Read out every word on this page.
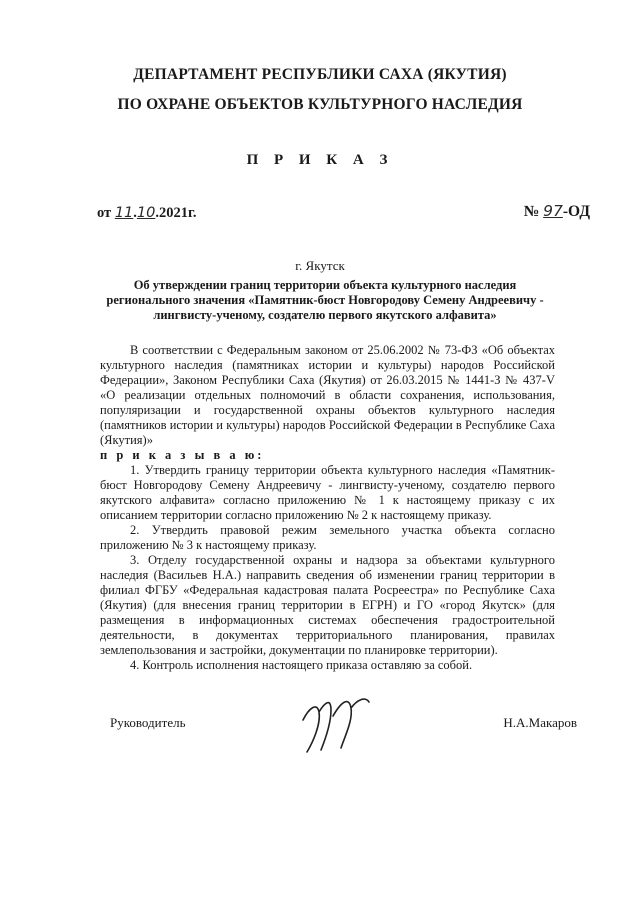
ДЕПАРТАМЕНТ РЕСПУБЛИКИ САХА (ЯКУТИЯ)
ПО ОХРАНЕ ОБЪЕКТОВ КУЛЬТУРНОГО НАСЛЕДИЯ
П Р И К А З
от 11.10.2021г.	№ 97-ОД
г. Якутск
Об утверждении границ территории объекта культурного наследия регионального значения «Памятник-бюст Новгородову Семену Андреевичу - лингвисту-ученому, создателю первого якутского алфавита»

В соответствии с Федеральным законом от 25.06.2002 № 73-ФЗ «Об объектах культурного наследия (памятниках истории и культуры) народов Российской Федерации», Законом Республики Саха (Якутия) от 26.03.2015 № 1441-З № 437-V «О реализации отдельных полномочий в области сохранения, использования, популяризации и государственной охраны объектов культурного наследия (памятников истории и культуры) народов Российской Федерации в Республике Саха (Якутия)»

п р и к а з ы в а ю:

1. Утвердить границу территории объекта культурного наследия «Памятник-бюст Новгородову Семену Андреевичу - лингвисту-ученому, создателю первого якутского алфавита» согласно приложению № 1 к настоящему приказу с их описанием территории согласно приложению № 2 к настоящему приказу.

2. Утвердить правовой режим земельного участка объекта согласно приложению № 3 к настоящему приказу.

3. Отделу государственной охраны и надзора за объектами культурного наследия (Васильев Н.А.) направить сведения об изменении границ территории в филиал ФГБУ «Федеральная кадастровая палата Росреестра» по Республике Саха (Якутия) (для внесения границ территории в ЕГРН) и ГО «город Якутск» (для размещения в информационных системах обеспечения градостроительной деятельности, в документах территориального планирования, правилах землепользования и застройки, документации по планировке территории).

4. Контроль исполнения настоящего приказа оставляю за собой.

Руководитель	Н.А.Макаров
